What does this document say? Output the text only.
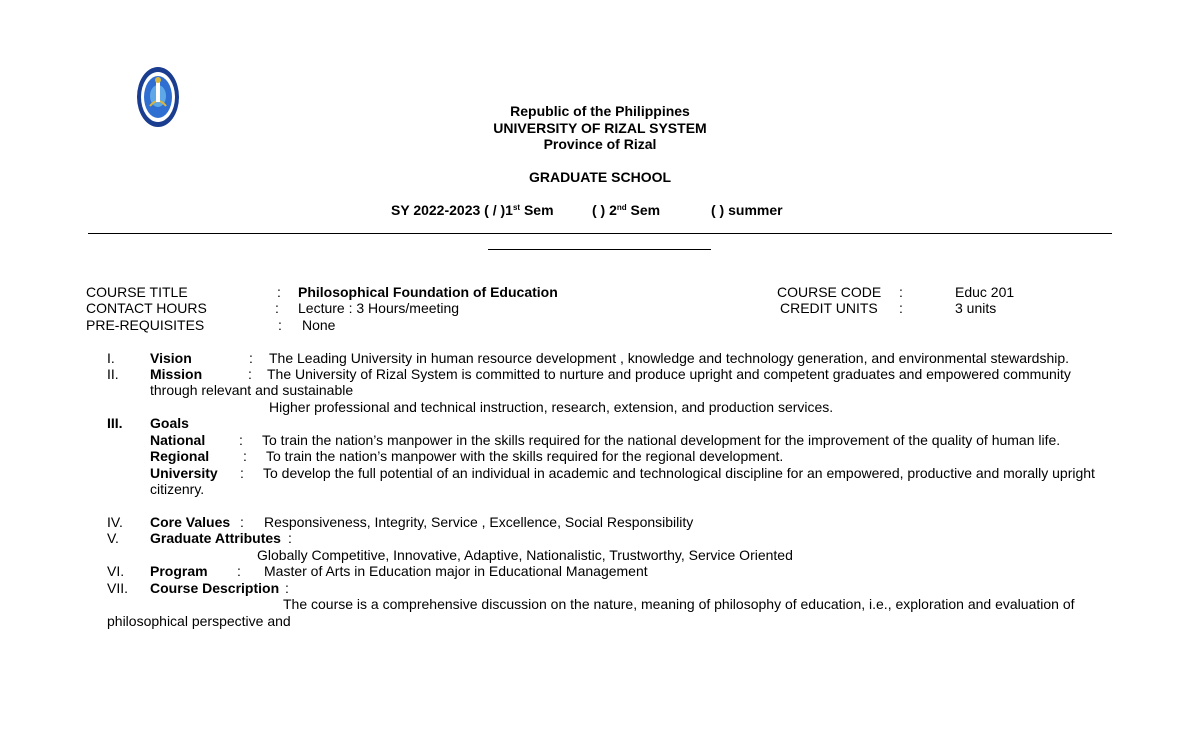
Republic of the Philippines
UNIVERSITY OF RIZAL SYSTEM
Province of Rizal
GRADUATE SCHOOL
SY 2022-2023 ( / )1st Sem	( ) 2nd Sem	( ) summer
COURSE TITLE	: Philosophical Foundation of Education
CONTACT HOURS	: Lecture : 3 Hours/meeting
PRE-REQUISITES	: None
COURSE CODE :	Educ 201
CREDIT UNITS :	3 units
I.	Vision	: The Leading University in human resource development , knowledge and technology generation, and environmental stewardship.
II. Mission	: The University of Rizal System is committed to nurture and produce upright and competent graduates and empowered community
through relevant and sustainable
Higher professional and technical instruction, research, extension, and production services.
III. Goals
National : To train the nation’s manpower in the skills required for the national development for the improvement of the quality of human life.
Regional : To train the nation’s manpower with the skills required for the regional development.
University : To develop the full potential of an individual in academic and technological discipline for an empowered, productive and morally upright
citizenry.
IV. Core Values : Responsiveness, Integrity, Service , Excellence, Social Responsibility
V. Graduate Attributes :
Globally Competitive, Innovative, Adaptive, Nationalistic, Trustworthy, Service Oriented
VI. Program : Master of Arts in Education major in Educational Management
VII. Course Description :
The course is a comprehensive discussion on the nature, meaning of philosophy of education, i.e., exploration and evaluation of
philosophical perspective and
